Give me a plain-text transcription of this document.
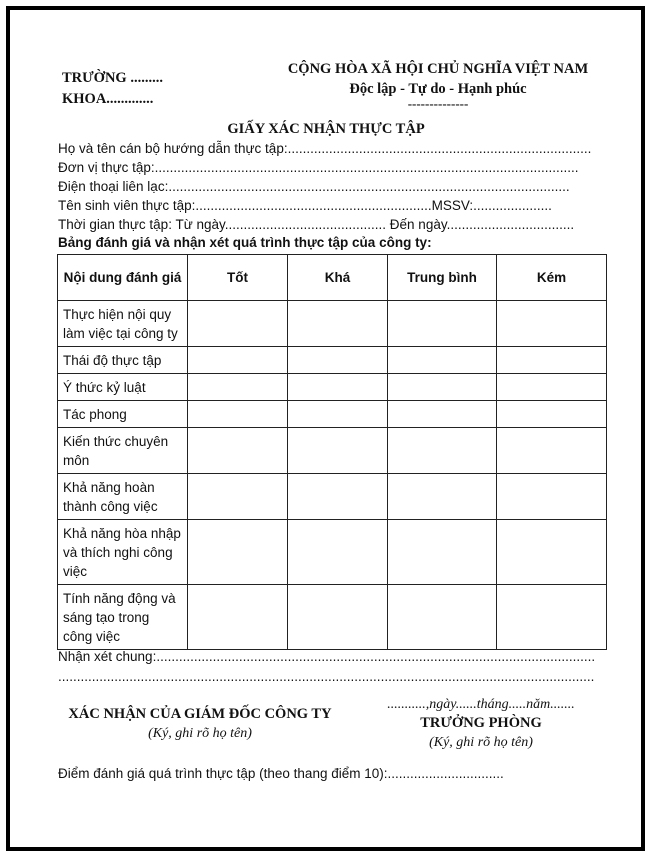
TRƯỜNG .........
KHOA.............
CỘNG HÒA XÃ HỘI CHỦ NGHĨA VIỆT NAM
Độc lập - Tự do - Hạnh phúc
--------------
GIẤY XÁC NHẬN THỰC TẬP
Họ và tên cán bộ hướng dẫn thực tập:.................................................................................
Đơn vị thực tập:.................................................................................................................
Điện thoại liên lạc:...........................................................................................................
Tên sinh viên thực tập:...............................................................MSSV:.....................
Thời gian thực tập: Từ ngày........................................... Đến ngày..................................
Bảng đánh giá và nhận xét quá trình thực tập của công ty:
Nội dung đánh giá	Tốt	Khá	Trung bình	Kém
Thực hiện nội quy làm việc tại công ty				
Thái độ thực tập				
Ý thức kỷ luật				
Tác phong				
Kiến thức chuyên môn				
Khả năng hoàn thành công việc				
Khả năng hòa nhập và thích nghi công việc				
Tính năng động và sáng tạo trong công việc				
Nhận xét chung:.....................................................................................................................
...............................................................................................................................................
...........,ngày......tháng.....năm.......
XÁC NHẬN CỦA GIÁM ĐỐC CÔNG TY
(Ký, ghi rõ họ tên)
TRƯỞNG PHÒNG
(Ký, ghi rõ họ tên)
Điểm đánh giá quá trình thực tập (theo thang điểm 10):...............................
